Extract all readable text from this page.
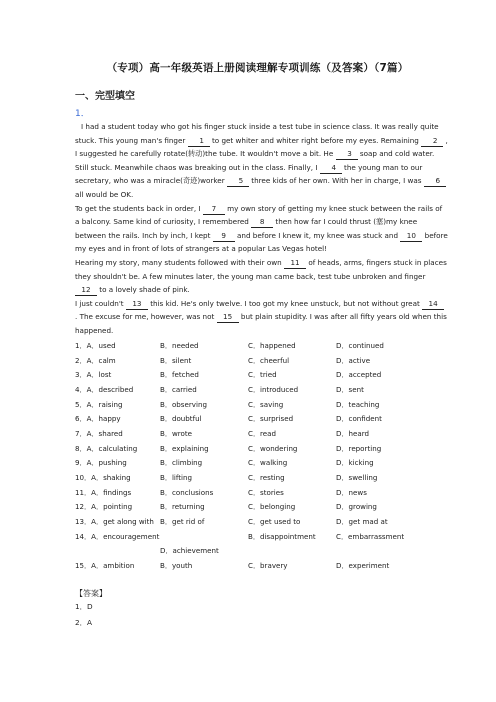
（专项）高一年级英语上册阅读理解专项训练（及答案）（7篇）
一、完型填空
1．

I had a student today who got his finger stuck inside a test tube in science class. It was really quite stuck. This young man's finger 1 to get whiter and whiter right before my eyes. Remaining 2 , I suggested he carefully rotate(转动)the tube. It wouldn't move a bit. He 3 soap and cold water. Still stuck. Meanwhile chaos was breaking out in the class. Finally, I 4 the young man to our secretary, who was a miracle(奇迹)worker 5 three kids of her own. With her in charge, I was 6 all would be OK.

To get the students back in order, I 7 my own story of getting my knee stuck between the rails of a balcony. Same kind of curiosity, I remembered 8 then how far I could thrust (塞)my knee between the rails. Inch by inch, I kept 9 and before I knew it, my knee was stuck and 10 before my eyes and in front of lots of strangers at a popular Las Vegas hotel!

Hearing my story, many students followed with their own 11 of heads, arms, fingers stuck in places they shouldn't be. A few minutes later, the young man came back, test tube unbroken and finger 12 to a lovely shade of pink.

I just couldn't 13 this kid. He's only twelve. I too got my knee unstuck, but not without great 14 . The excuse for me, however, was not 15 but plain stupidity. I was after all fifty years old when this happened.

1．A．used	B．needed	C．happened	D．continued
2．A．calm	B．silent	C．cheerful	D．active
3．A．lost	B．fetched	C．tried	D．accepted
4．A．described	B．carried	C．introduced	D．sent
5．A．raising	B．observing	C．saving	D．teaching
6．A．happy	B．doubtful	C．surprised	D．confident
7．A．shared	B．wrote	C．read	D．heard
8．A．calculating	B．explaining	C．wondering	D．reporting
9．A．pushing	B．climbing	C．walking	D．kicking
10．A．shaking	B．lifting	C．resting	D．swelling
11．A．findings	B．conclusions	C．stories	D．news
12．A．pointing	B．returning	C．belonging	D．growing
13．A．get along with	B．get rid of	C．get used to	D．get mad at
14．A．encouragement		B．disappointment	C．embarrassment
	D．achievement		
15．A．ambition	B．youth	C．bravery	D．experiment
【答案】
1．D
2．A
